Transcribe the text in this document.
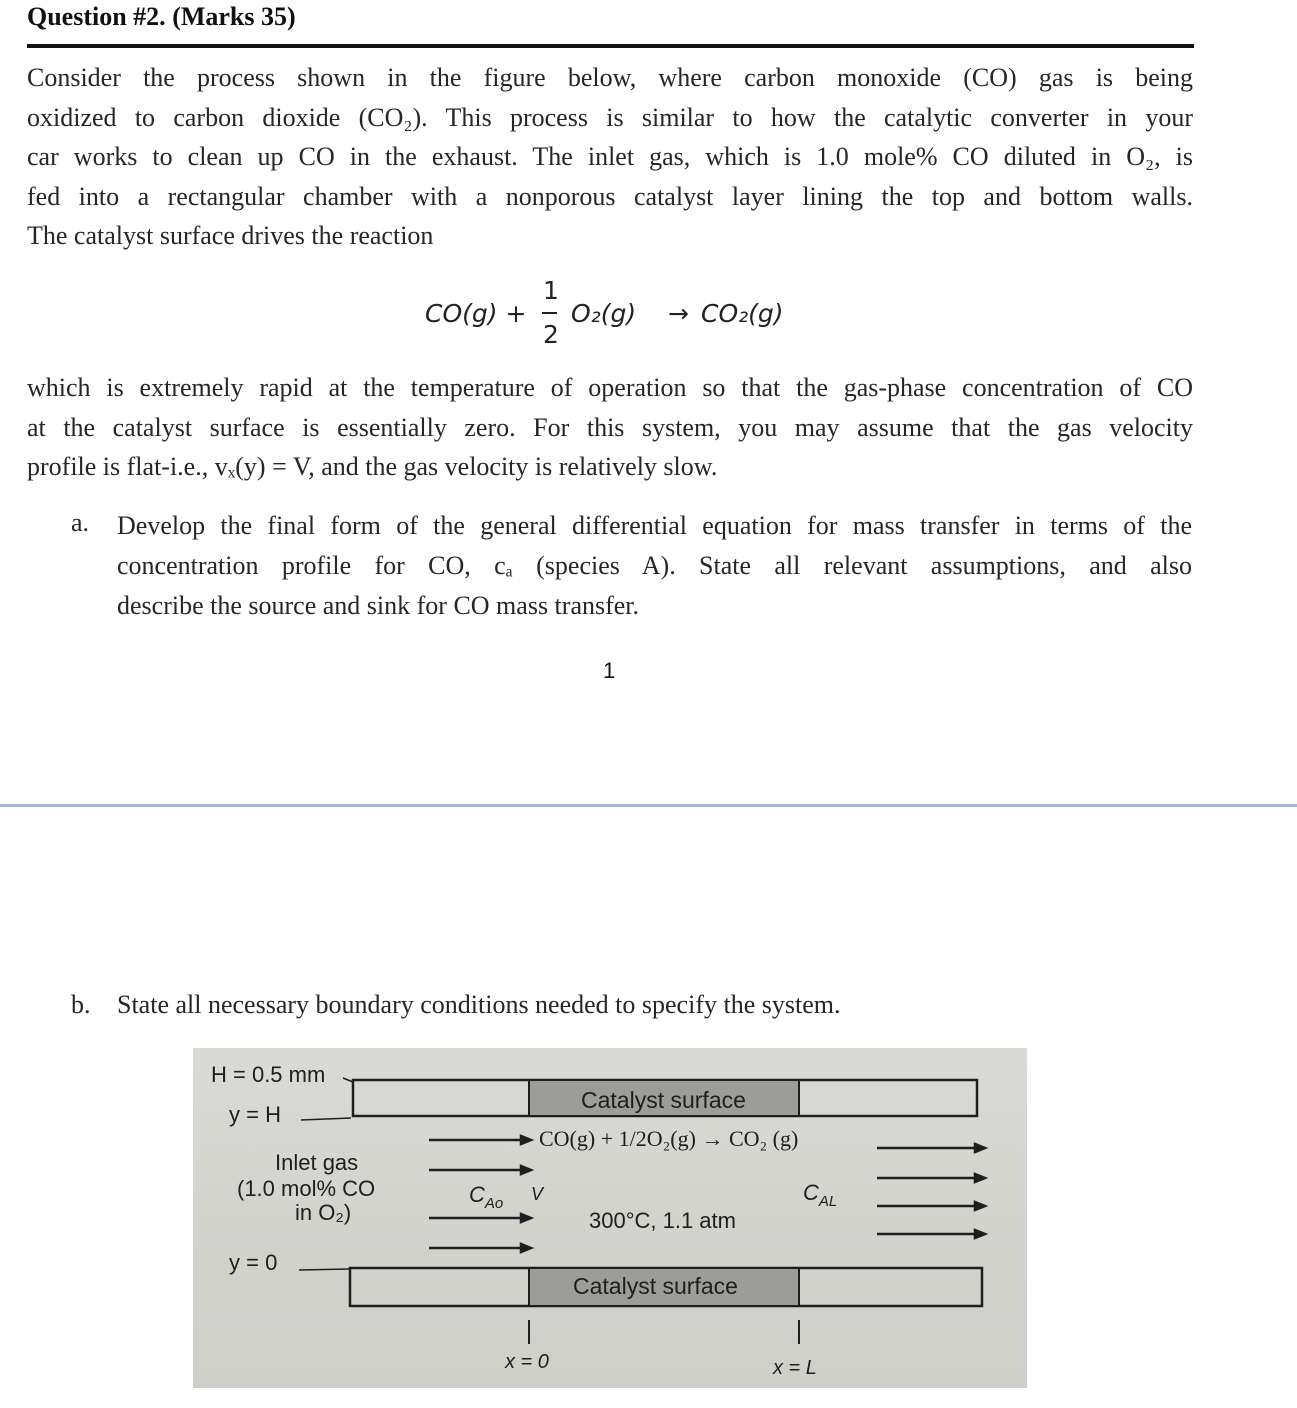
Question #2. (Marks 35)
Consider the process shown in the figure below, where carbon monoxide (CO) gas is being
oxidized to carbon dioxide (CO₂). This process is similar to how the catalytic converter in your
car works to clean up CO in the exhaust. The inlet gas, which is 1.0 mole% CO diluted in O₂, is
fed into a rectangular chamber with a nonporous catalyst layer lining the top and bottom walls.
The catalyst surface drives the reaction
CO(g) +
1
2
O₂(g) → CO₂(g)
which is extremely rapid at the temperature of operation so that the gas-phase concentration of CO
at the catalyst surface is essentially zero. For this system, you may assume that the gas velocity
profile is flat-i.e., vₓ(y) = V, and the gas velocity is relatively slow.
a. Develop the final form of the general differential equation for mass transfer in terms of the
concentration profile for CO, cₐ (species A). State all relevant assumptions, and also
describe the source and sink for CO mass transfer.
1
b. State all necessary boundary conditions needed to specify the system.
H = 0.5 mm
y = H
y = 0
Inlet gas
(1.0 mol% CO
in O₂)
$C_{Ao}$ V
Catalyst surface
CO(g) + 1/2O₂(g) → CO₂ (g)
300°C, 1.1 atm
$C_{AL}$
Catalyst surface
x = 0	x = L
